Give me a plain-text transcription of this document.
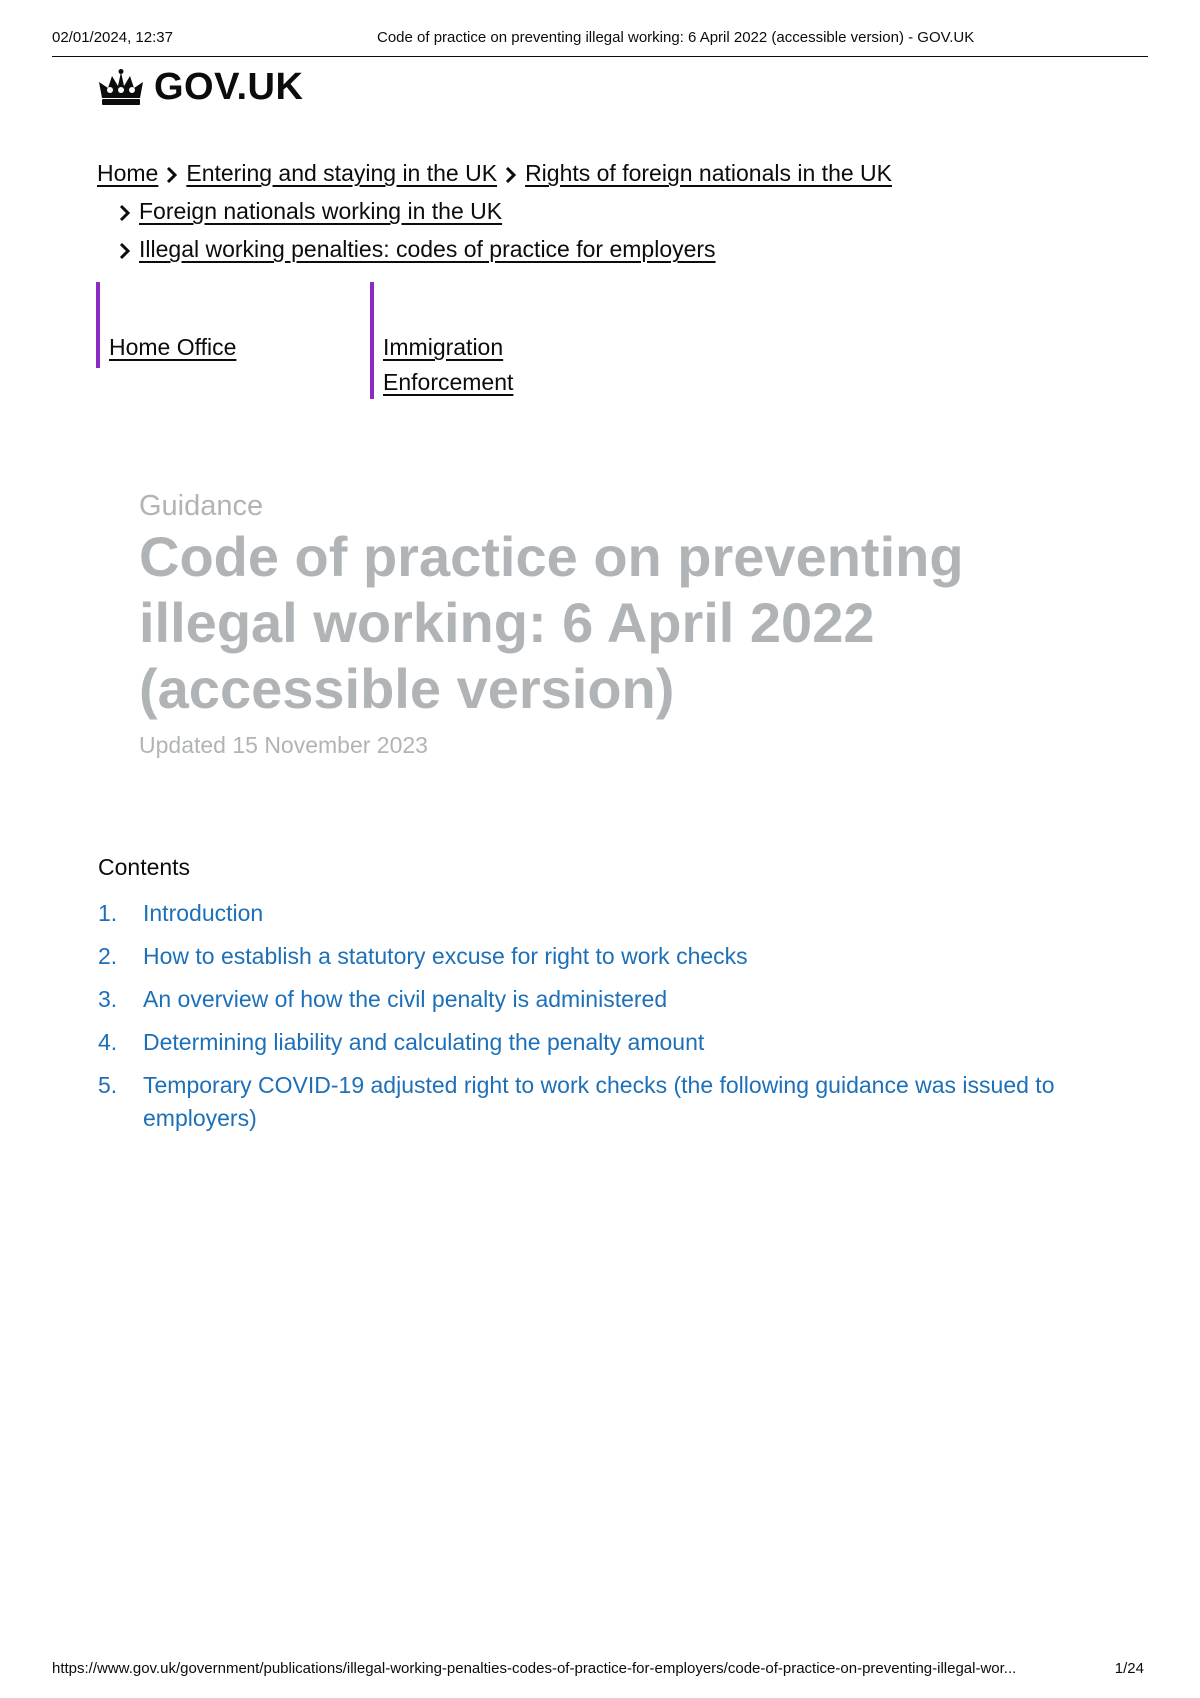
02/01/2024, 12:37	Code of practice on preventing illegal working: 6 April 2022 (accessible version) - GOV.UK
GOV.UK
Home Entering and staying in the UK Rights of foreign nationals in the UK
Foreign nationals working in the UK
Illegal working penalties: codes of practice for employers
Home Office	Immigration
Enforcement
Guidance
Code of practice on preventing illegal working: 6 April 2022 (accessible version)
Updated 15 November 2023
Contents
1.	Introduction
2.	How to establish a statutory excuse for right to work checks
3.	An overview of how the civil penalty is administered
4.	Determining liability and calculating the penalty amount
5.	Temporary COVID-19 adjusted right to work checks (the following guidance was issued to employers)
https://www.gov.uk/government/publications/illegal-working-penalties-codes-of-practice-for-employers/code-of-practice-on-preventing-illegal-wor...	1/24
